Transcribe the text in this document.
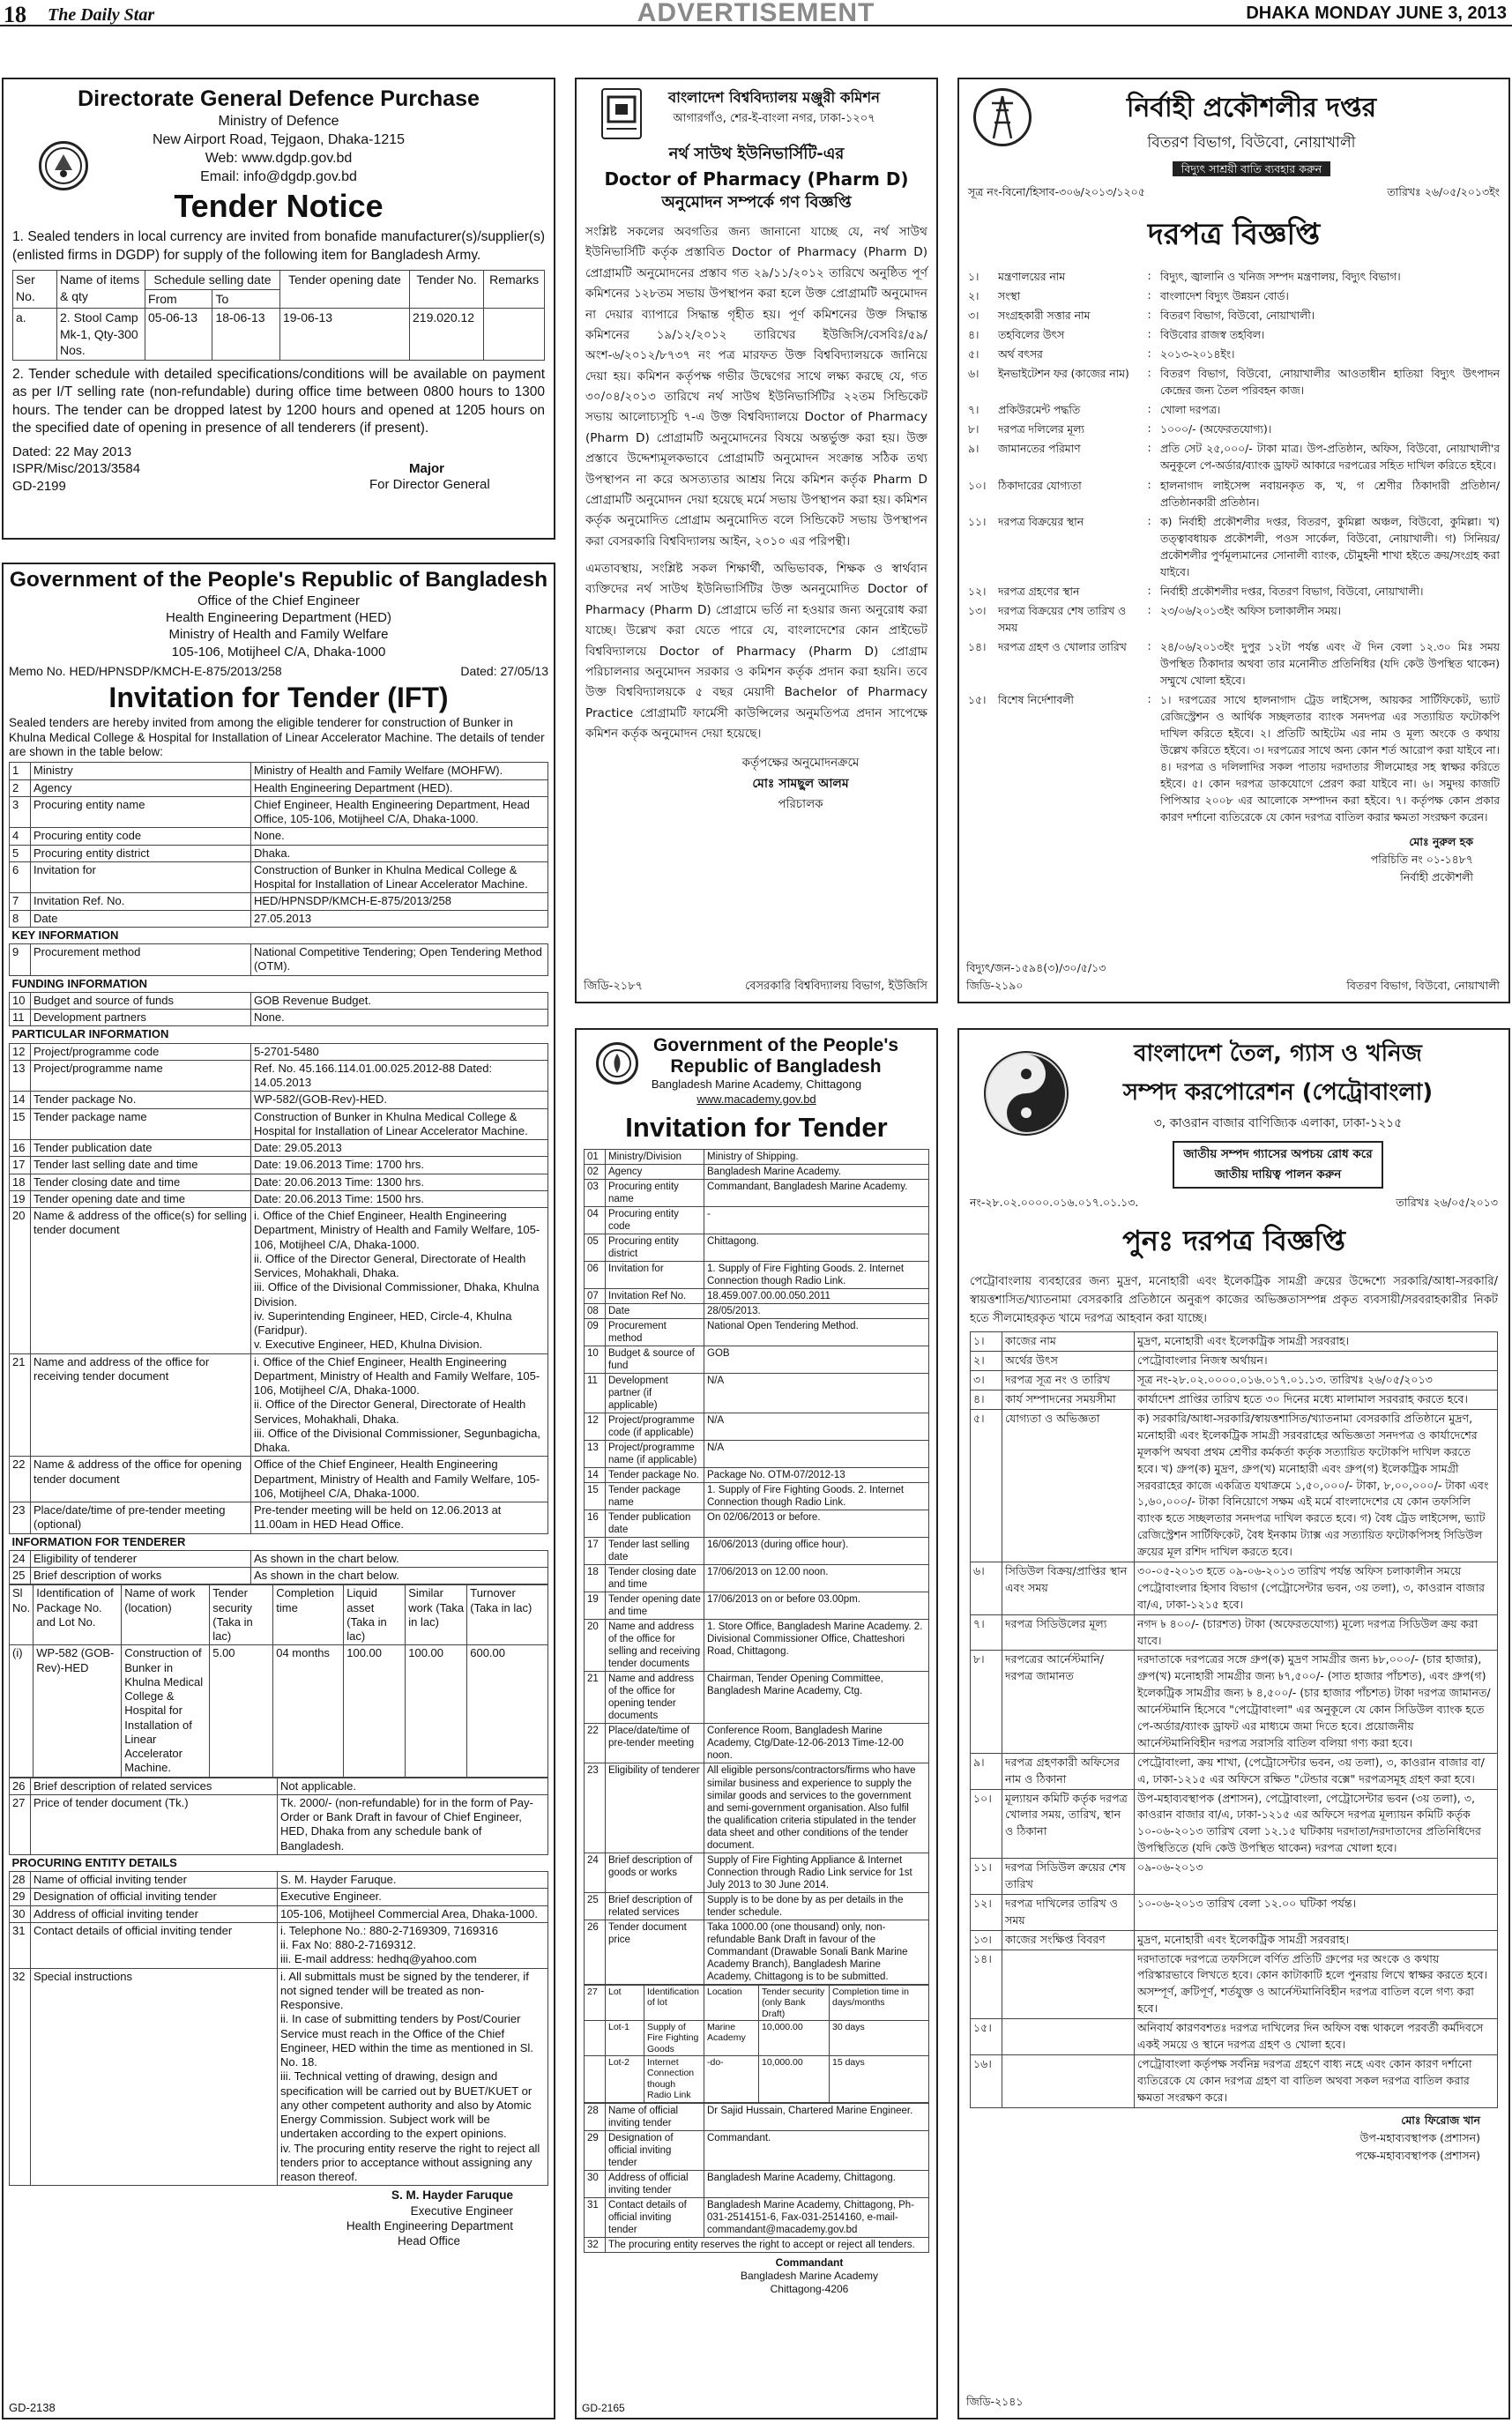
18 The Daily Star	ADVERTISEMENT	DHAKA MONDAY JUNE 3, 2013
Directorate General Defence Purchase
Ministry of Defence
New Airport Road, Tejgaon, Dhaka-1215
Web: www.dgdp.gov.bd
Email: info@dgdp.gov.bd
Tender Notice
1. Sealed tenders in local currency are invited from bonafide manufacturer(s)/supplier(s) (enlisted firms in DGDP) for supply of the following item for Bangladesh Army.
Ser No.	Name of items & qty	Schedule selling date		Tender opening date	Tender No.	Remarks
		From	To			
a.	2. Stool Camp Mk-1, Qty-300 Nos.	05-06-13	18-06-13	19-06-13	219.020.12	
2. Tender schedule with detailed specifications/conditions will be available on payment as per I/T selling rate (non-refundable) during office time between 0800 hours to 1300 hours. The tender can be dropped latest by 1200 hours and opened at 1205 hours on the specified date of opening in presence of all tenderers (if present).
Dated: 22 May 2013
ISPR/Misc/2013/3584
GD-2199
Major
For Director General
Government of the People's Republic of Bangladesh
Office of the Chief Engineer
Health Engineering Department (HED)
Ministry of Health and Family Welfare
105-106, Motijheel C/A, Dhaka-1000
Memo No. HED/HPNSDP/KMCH-E-875/2013/258	Dated: 27/05/13
Invitation for Tender (IFT)
Sealed tenders are hereby invited from among the eligible tenderer for construction of Bunker in Khulna Medical College & Hospital for Installation of Linear Accelerator Machine. The details of tender are shown in the table below:
1	Ministry	Ministry of Health and Family Welfare (MOHFW).
2	Agency	Health Engineering Department (HED).
3	Procuring entity name	Chief Engineer, Health Engineering Department, Head Office, 105-106, Motijheel C/A, Dhaka-1000.
4	Procuring entity code	None.
5	Procuring entity district	Dhaka.
6	Invitation for	Construction of Bunker in Khulna Medical College & Hospital for Installation of Linear Accelerator Machine.
7	Invitation Ref. No.	HED/HPNSDP/KMCH-E-875/2013/258
8	Date	27.05.2013
KEY INFORMATION		
9	Procurement method	National Competitive Tendering; Open Tendering Method (OTM).
FUNDING INFORMATION		
10	Budget and source of funds	GOB Revenue Budget.
11	Development partners	None.
PARTICULAR INFORMATION		
12	Project/programme code	5-2701-5480
13	Project/programme name	Ref. No. 45.166.114.01.00.025.2012-88 Dated: 14.05.2013
14	Tender package No.	WP-582/(GOB-Rev)-HED.
15	Tender package name	Construction of Bunker in Khulna Medical College & Hospital for Installation of Linear Accelerator Machine.
16	Tender publication date	Date: 29.05.2013
17	Tender last selling date and time	Date: 19.06.2013 Time: 1700 hrs.
18	Tender closing date and time	Date: 20.06.2013 Time: 1300 hrs.
19	Tender opening date and time	Date: 20.06.2013 Time: 1500 hrs.
20	Name & address of the office(s) for selling tender document	i. Office of the Chief Engineer, Health Engineering Department, Ministry of Health and Family Welfare, 105-106, Motijheel C/A, Dhaka-1000.
ii. Office of the Director General, Directorate of Health Services, Mohakhali, Dhaka.
iii. Office of the Divisional Commissioner, Dhaka, Khulna Division.
iv. Superintending Engineer, HED, Circle-4, Khulna (Faridpur).
v. Executive Engineer, HED, Khulna Division.

21	Name and address of the office for receiving tender document	i. Office of the Chief Engineer, Health Engineering Department, Ministry of Health and Family Welfare, 105-106, Motijheel C/A, Dhaka-1000.
ii. Office of the Director General, Directorate of Health Services, Mohakhali, Dhaka.
iii. Office of the Divisional Commissioner, Segunbagicha, Dhaka.

22	Name & address of the office for opening tender document	Office of the Chief Engineer, Health Engineering Department, Ministry of Health and Family Welfare, 105-106, Motijheel C/A, Dhaka-1000.
23	Place/date/time of pre-tender meeting (optional)	Pre-tender meeting will be held on 12.06.2013 at 11.00am in HED Head Office.
INFORMATION FOR TENDERER		
24	Eligibility of tenderer	As shown in the chart below.
25	Brief description of works	As shown in the chart below.
Sl No.	Identification of Package No. and Lot No.	Name of work (location)	Tender security (Taka in lac)	Completion time	Liquid asset (Taka in lac)	Similar work (Taka in lac)	Turnover (Taka in lac)
(i)	WP-582 (GOB-Rev)-HED	Construction of Bunker in Khulna Medical College & Hospital for Installation of Linear Accelerator Machine.	5.00	04 months	100.00	100.00	600.00
26	Brief description of related services	Not applicable.
27	Price of tender document (Tk.)	Tk. 2000/- (non-refundable) for in the form of Pay-Order or Bank Draft in favour of Chief Engineer, HED, Dhaka from any schedule bank of Bangladesh.
PROCURING ENTITY DETAILS		
28	Name of official inviting tender	S. M. Hayder Faruque.
29	Designation of official inviting tender	Executive Engineer.
30	Address of official inviting tender	105-106, Motijheel Commercial Area, Dhaka-1000.
31	Contact details of official inviting tender	i. Telephone No.: 880-2-7169309, 7169316
ii. Fax No: 880-2-7169312.
iii. E-mail address: hedhq@yahoo.com

32	Special instructions	i. All submittals must be signed by the tenderer, if not signed tender will be treated as non-Responsive.
ii. In case of submitting tenders by Post/Courier Service must reach in the Office of the Chief Engineer, HED within the time as mentioned in Sl. No. 18.
iii. Technical vetting of drawing, design and specification will be carried out by BUET/KUET or any other competent authority and also by Atomic Energy Commission. Subject work will be undertaken according to the expert opinions.
iv. The procuring entity reserve the right to reject all tenders prior to acceptance without assigning any reason thereof.
S. M. Hayder Faruque
Executive Engineer
Health Engineering Department
Head Office
GD-2138
বাংলাদেশ বিশ্ববিদ্যালয় মঞ্জুরী কমিশন
আগারগাঁও, শের-ই-বাংলা নগর, ঢাকা-১২০৭
নর্থ সাউথ ইউনিভার্সিটি-এর
Doctor of Pharmacy (Pharm D)
অনুমোদন সম্পর্কে গণ বিজ্ঞপ্তি
সংশ্লিষ্ট সকলের অবগতির জন্য জানানো যাচ্ছে যে, নর্থ সাউথ ইউনিভার্সিটি কর্তৃক প্রস্তাবিত Doctor of Pharmacy (Pharm D) প্রোগ্রামটি অনুমোদনের প্রস্তাব গত ২৯/১১/২০১২ তারিখে অনুষ্ঠিত পূর্ণ কমিশনের ১২৮তম সভায় উপস্থাপন করা হলে উক্ত প্রোগ্রামটি অনুমোদন না দেয়ার ব্যাপারে সিদ্ধান্ত গৃহীত হয়। পূর্ণ কমিশনের উক্ত সিদ্ধান্ত কমিশনের ১৯/১২/২০১২ তারিখের ইউজিসি/বেসবিঃ/৫৯/অংশ-৬/২০১২/৮৭৩৭ নং পত্র মারফত উক্ত বিশ্ববিদ্যালয়কে জানিয়ে দেয়া হয়। কমিশন কর্তৃপক্ষ গভীর উদ্বেগের সাথে লক্ষ্য করছে যে, গত ৩০/০৪/২০১৩ তারিখে নর্থ সাউথ ইউনিভার্সিটির ২২তম সিন্ডিকেট সভায় আলোচ্যসূচি ৭-এ উক্ত বিশ্ববিদ্যালয়ে Doctor of Pharmacy (Pharm D) প্রোগ্রামটি অনুমোদনের বিষয়ে অন্তর্ভুক্ত করা হয়। উক্ত প্রস্তাবে উদ্দেশ্যমূলকভাবে প্রোগ্রামটি অনুমোদন সংক্রান্ত সঠিক তথ্য উপস্থাপন না করে অসত্যতার আশ্রয় নিয়ে কমিশন কর্তৃক Pharm D প্রোগ্রামটি অনুমোদন দেয়া হয়েছে মর্মে সভায় উপস্থাপন করা হয়। কমিশন কর্তৃক অনুমোদিত প্রোগ্রাম অনুমোদিত বলে সিন্ডিকেট সভায় উপস্থাপন করা বেসরকারি বিশ্ববিদ্যালয় আইন, ২০১০ এর পরিপন্থী।
এমতাবস্থায়, সংশ্লিষ্ট সকল শিক্ষার্থী, অভিভাবক, শিক্ষক ও স্বার্থবান ব্যক্তিদের নর্থ সাউথ ইউনিভার্সিটির উক্ত অননুমোদিত Doctor of Pharmacy (Pharm D) প্রোগ্রামে ভর্তি না হওয়ার জন্য অনুরোধ করা যাচ্ছে। উল্লেখ করা যেতে পারে যে, বাংলাদেশের কোন প্রাইভেট বিশ্ববিদ্যালয়ে Doctor of Pharmacy (Pharm D) প্রোগ্রাম পরিচালনার অনুমোদন সরকার ও কমিশন কর্তৃক প্রদান করা হয়নি। তবে উক্ত বিশ্ববিদ্যালয়কে ৫ বছর মেয়াদী Bachelor of Pharmacy Practice প্রোগ্রামটি ফার্মেসী কাউন্সিলের অনুমতিপত্র প্রদান সাপেক্ষে কমিশন কর্তৃক অনুমোদন দেয়া হয়েছে।
কর্তৃপক্ষের অনুমোদনক্রমে
মোঃ সামছুল আলম
পরিচালক
জিডি-২১৮৭	বেসরকারি বিশ্ববিদ্যালয় বিভাগ, ইউজিসি
নির্বাহী প্রকৌশলীর দপ্তর
বিতরণ বিভাগ, বিউবো, নোয়াখালী
বিদ্যুৎ সাশ্রয়ী বাতি ব্যবহার করুন
সূত্র নং-বিনো/হিসাব-৩০৬/২০১৩/১২০৫	তারিখঃ ২৬/০৫/২০১৩ইং
দরপত্র বিজ্ঞপ্তি
১।	মন্ত্রণালয়ের নাম	∶ বিদ্যুৎ, জ্বালানি ও খনিজ সম্পদ মন্ত্রণালয়, বিদ্যুৎ বিভাগ।
২।	সংস্থা	∶ বাংলাদেশ বিদ্যুৎ উন্নয়ন বোর্ড।
৩।	সংগ্রহকারী সত্তার নাম	∶ বিতরণ বিভাগ, বিউবো, নোয়াখালী।
৪।	তহবিলের উৎস	∶ বিউবোর রাজস্ব তহবিল।
৫।	অর্থ বৎসর	∶ ২০১৩-২০১৪ইং।
৬।	ইনভাইটেশন ফর (কাজের নাম)	∶ বিতরণ বিভাগ, বিউবো, নোয়াখালীর আওতাধীন হাতিয়া বিদ্যুৎ উৎপাদন কেন্দ্রের জন্য তৈল পরিবহন কাজ।
৭।	প্রকিউরমেন্ট পদ্ধতি	∶ খোলা দরপত্র।
৮।	দরপত্র দলিলের মূল্য	∶ ১০০০/- (অফেরতযোগ্য)।
৯।	জামানতের পরিমাণ	∶ প্রতি সেট ২৫,০০০/- টাকা মাত্র। উপ-প্রতিষ্ঠান, অফিস, বিউবো, নোয়াখালী'র অনুকূলে পে-অর্ডার/ব্যাংক ড্রাফট আকারে দরপত্রের সহিত দাখিল করিতে হইবে।
১০।	ঠিকাদারের যোগ্যতা	∶ হালনাগাদ লাইসেন্স নবায়নকৃত ক, খ, গ শ্রেণীর ঠিকাদারী প্রতিষ্ঠান/প্রতিষ্ঠানকারী প্রতিষ্ঠান।
১১।	দরপত্র বিক্রয়ের স্থান	∶ ক) নির্বাহী প্রকৌশলীর দপ্তর, বিতরণ, কুমিল্লা অঞ্চল, বিউবো, কুমিল্লা। খ) তত্ত্বাবধায়ক প্রকৌশলী, পওস সার্কেল, বিউবো, নোয়াখালী। গ) সিনিয়র/প্রকৌশলীর পুর্ণমূল্যমানের সোনালী ব্যাংক, চৌমুহনী শাখা হইতে ক্রয়/সংগ্রহ করা যাইবে।
১২।	দরপত্র গ্রহণের স্থান	∶ নির্বাহী প্রকৌশলীর দপ্তর, বিতরণ বিভাগ, বিউবো, নোয়াখালী।
১৩।	দরপত্র বিক্রয়ের শেষ তারিখ ও সময়
∶ ২৩/০৬/২০১৩ইং অফিস চলাকালীন সময়।
১৪।	দরপত্র গ্রহণ ও খোলার তারিখ	∶ ২৪/০৬/২০১৩ইং দুপুর ১২টা পর্যন্ত এবং ঐ দিন বেলা ১২.৩০ মিঃ সময় উপস্থিত ঠিকাদার অথবা তার মনোনীত প্রতিনিধির (যদি কেউ উপস্থিত থাকেন) সম্মুখে খোলা হইবে।
১৫।	বিশেষ নির্দেশাবলী	∶ ১। দরপত্রের সাথে হালনাগাদ ট্রেড লাইসেন্স, আয়কর সার্টিফিকেট, ভ্যাট রেজিস্ট্রেশন ও আর্থিক সচ্ছলতার ব্যাংক সনদপত্র এর সত্যায়িত ফটোকপি দাখিল করিতে হইবে। ২। প্রতিটি আইটেম এর নাম ও মূল্য অংকে ও কথায় উল্লেখ করিতে হইবে। ৩। দরপত্রের সাথে অন্য কোন শর্ত আরোপ করা যাইবে না। ৪। দরপত্র ও দলিলাদির সকল পাতায় দরদাতার সীলমোহর সহ স্বাক্ষর করিতে হইবে। ৫। কোন দরপত্র ডাকযোগে প্রেরণ করা যাইবে না। ৬। সমুদয় কাজটি পিপিআর ২০০৮ এর আলোকে সম্পাদন করা হইবে। ৭। কর্তৃপক্ষ কোন প্রকার কারণ দর্শানো ব্যতিরেকে যে কোন দরপত্র বাতিল করার ক্ষমতা সংরক্ষণ করেন।
মোঃ নুরুল হক
পরিচিতি নং ০১-১৪৮৭
নির্বাহী প্রকৌশলী
বিদ্যুৎ/জন-১৫৯৪(৩)/৩০/৫/১৩
জিডি-২১৯০	বিতরণ বিভাগ, বিউবো, নোয়াখালী
Government of the People's Republic of Bangladesh
Bangladesh Marine Academy, Chittagong
www.macademy.gov.bd
Invitation for Tender
01	Ministry/Division	Ministry of Shipping.
02	Agency	Bangladesh Marine Academy.
03	Procuring entity name	Commandant, Bangladesh Marine Academy.
04	Procuring entity code	-
05	Procuring entity district	Chittagong.
06	Invitation for	1. Supply of Fire Fighting Goods. 2. Internet Connection though Radio Link.
07	Invitation Ref No.	18.459.007.00.00.050.2011
08	Date	28/05/2013.
09	Procurement method	National Open Tendering Method.
10	Budget & source of fund	GOB
11	Development partner (if applicable)	N/A
12	Project/programme code (if applicable)	N/A
13	Project/programme name (if applicable)	N/A
14	Tender package No.	Package No. OTM-07/2012-13
15	Tender package name	1. Supply of Fire Fighting Goods. 2. Internet Connection though Radio Link.
16	Tender publication date	On 02/06/2013 or before.
17	Tender last selling date	16/06/2013 (during office hour).
18	Tender closing date and time	17/06/2013 on 12.00 noon.
19	Tender opening date and time	17/06/2013 on or before 03.00pm.
20	Name and address of the office for selling and receiving tender documents	1. Store Office, Bangladesh Marine Academy. 2. Divisional Commissioner Office, Chatteshori Road, Chittagong.
21	Name and address of the office for opening tender documents	Chairman, Tender Opening Committee, Bangladesh Marine Academy, Ctg.
22	Place/date/time of pre-tender meeting	Conference Room, Bangladesh Marine Academy, Ctg/Date-12-06-2013 Time-12-00 noon.
23	Eligibility of tenderer	All eligible persons/contractors/firms who have similar business and experience to supply the similar goods and services to the government and semi-government organisation. Also fulfil the qualification criteria stipulated in the tender data sheet and other conditions of the tender document.
24	Brief description of goods or works	Supply of Fire Fighting Appliance & Internet Connection through Radio Link service for 1st July 2013 to 30 June 2014.
25	Brief description of related services	Supply is to be done by as per details in the tender schedule.
26	Tender document price	Taka 1000.00 (one thousand) only, non-refundable Bank Draft in favour of the Commandant (Drawable Sonali Bank Marine Academy Branch), Bangladesh Marine Academy, Chittagong is to be submitted.
27	Lot	Identification of lot	Location	Tender security (only Bank Draft)	Completion time in days/months
	Lot-1	Supply of Fire Fighting Goods	Marine Academy	10,000.00	30 days
	Lot-2	Internet Connection though Radio Link	-do-	10,000.00	15 days
28	Name of official inviting tender	Dr Sajid Hussain, Chartered Marine Engineer.
29	Designation of official inviting tender	Commandant.
30	Address of official inviting tender	Bangladesh Marine Academy, Chittagong.
31	Contact details of official inviting tender	Bangladesh Marine Academy, Chittagong, Ph-031-2514151-6, Fax-031-2514160, e-mail-commandant@macademy.gov.bd
32	The procuring entity reserves the right to accept or reject all tenders.	
Commandant
Bangladesh Marine Academy
Chittagong-4206
GD-2165
বাংলাদেশ তৈল, গ্যাস ও খনিজ
সম্পদ করপোরেশন (পেট্রোবাংলা)
৩, কাওরান বাজার বাণিজ্যিক এলাকা, ঢাকা-১২১৫
জাতীয় সম্পদ গ্যাসের অপচয় রোধ করে
জাতীয় দায়িত্ব পালন করুন
নং-২৮.০২.০০০০.০১৬.০১৭.০১.১৩.	তারিখঃ ২৬/০৫/২০১৩
পুনঃ দরপত্র বিজ্ঞপ্তি
পেট্রোবাংলায় ব্যবহারের জন্য মুদ্রণ, মনোহারী এবং ইলেকট্রিক সামগ্রী ক্রয়ের উদ্দেশ্যে সরকারি/আধা-সরকারি/স্বায়ত্তশাসিত/খ্যাতনামা বেসরকারি প্রতিষ্ঠানে অনুরূপ কাজের অভিজ্ঞতাসম্পন্ন প্রকৃত ব্যবসায়ী/সরবরাহকারীর নিকট হতে সীলমোহরকৃত খামে দরপত্র আহবান করা যাচ্ছে।
১।	কাজের নাম	মুদ্রণ, মনোহারী এবং ইলেকট্রিক সামগ্রী সরবরাহ।
২।	অর্থের উৎস	পেট্রোবাংলার নিজস্ব অর্থায়ন।
৩।	দরপত্র সূত্র নং ও তারিখ	সূত্র নং-২৮.০২.০০০০.০১৬.০১৭.০১.১৩. তারিখঃ ২৬/০৫/২০১৩
৪।	কার্য সম্পাদনের সময়সীমা	কার্যাদেশ প্রাপ্তির তারিখ হতে ৩০ দিনের মধ্যে মালামাল সরবরাহ করতে হবে।
৫।	যোগ্যতা ও অভিজ্ঞতা	ক) সরকারি/আধা-সরকারি/স্বায়ত্তশাসিত/খ্যাতনামা বেসরকারি প্রতিষ্ঠানে মুদ্রণ, মনোহারী এবং ইলেকট্রিক সামগ্রী সরবরাহের অভিজ্ঞতা সনদপত্র ও কার্যাদেশের মূলকপি অথবা প্রথম শ্রেণীর কর্মকর্তা কর্তৃক সত্যায়িত ফটোকপি দাখিল করতে হবে। খ) গ্রুপ(ক) মুদ্রণ, গ্রুপ(খ) মনোহারী এবং গ্রুপ(গ) ইলেকট্রিক সামগ্রী সরবরাহের কাজে একত্রিত যথাক্রমে ১,৫০,০০০/- টাকা, ৮,০০,০০০/- টাকা এবং ১,৬০,০০০/- টাকা বিনিয়োগে সক্ষম এই মর্মে বাংলাদেশের যে কোন তফসিলি ব্যাংক হতে সচ্ছলতার সনদপত্র দাখিল করতে হবে। গ) বৈধ ট্রেড লাইসেন্স, ভ্যাট রেজিস্ট্রেশন সার্টিফিকেট, বৈধ ইনকাম ট্যাক্স এর সত্যায়িত ফটোকপিসহ সিডিউল ক্রয়ের মূল রশিদ দাখিল করতে হবে।
৬।	সিডিউল বিক্রয়/প্রাপ্তির স্থান এবং সময়	৩০-০৫-২০১৩ হতে ০৯-০৬-২০১৩ তারিখ পর্যন্ত অফিস চলাকালীন সময়ে পেট্রোবাংলার হিসাব বিভাগ (পেট্রোসেন্টার ভবন, ৩য় তলা), ৩, কাওরান বাজার বা/এ, ঢাকা-১২১৫ হবে।
৭।	দরপত্র সিডিউলের মূল্য	নগদ ৳ ৪০০/- (চারশত) টাকা (অফেরতযোগ্য) মূল্যে দরপত্র সিডিউল ক্রয় করা যাবে।
৮।	দরপত্রের আর্নেস্টমানি/দরপত্র জামানত	দরদাতাকে দরপত্রের সঙ্গে গ্রুপ(ক) মুদ্রণ সামগ্রীর জন্য ৳৮,০০০/- (চার হাজার), গ্রুপ(খ) মনোহারী সামগ্রীর জন্য ৳৭,৫০০/- (সাত হাজার পাঁচশত), এবং গ্রুপ(গ) ইলেকট্রিক সামগ্রীর জন্য ৳ ৪,৫০০/- (চার হাজার পাঁচশত) টাকা দরপত্র জামানত/আর্নেস্টমানি হিসেবে "পেট্রোবাংলা" এর অনুকূলে যে কোন সিডিউল ব্যাংক হতে পে-অর্ডার/ব্যাংক ড্রাফট এর মাধ্যমে জমা দিতে হবে। প্রয়োজনীয় আর্নেস্টমানিবিহীন দরপত্র সরাসরি বাতিল বলিয়া গণ্য করা হবে।
৯।	দরপত্র গ্রহণকারী অফিসের নাম ও ঠিকানা	পেট্রোবাংলা, ক্রয় শাখা, (পেট্রোসেন্টার ভবন, ৩য় তলা), ৩, কাওরান বাজার বা/এ, ঢাকা-১২১৫ এর অফিসে রক্ষিত "টেন্ডার বক্সে" দরপত্রসমূহ গ্রহণ করা হবে।
১০।	মূল্যায়ন কমিটি কর্তৃক দরপত্র খোলার সময়, তারিখ, স্থান ও ঠিকানা	উপ-মহাব্যবস্থাপক (প্রশাসন), পেট্রোবাংলা, পেট্রোসেন্টার ভবন (৩য় তলা), ৩, কাওরান বাজার বা/এ, ঢাকা-১২১৫ এর অফিসে দরপত্র মূল্যায়ন কমিটি কর্তৃক ১০-০৬-২০১৩ তারিখ বেলা ১২.১৫ ঘটিকায় দরদাতা/দরদাতাদের প্রতিনিধিদের উপস্থিতিতে (যদি কেউ উপস্থিত থাকেন) দরপত্র খোলা হবে।
১১।	দরপত্র সিডিউল ক্রয়ের শেষ তারিখ	০৯-০৬-২০১৩
১২।	দরপত্র দাখিলের তারিখ ও সময়	১০-০৬-২০১৩ তারিখ বেলা ১২.০০ ঘটিকা পর্যন্ত।
১৩।	কাজের সংক্ষিপ্ত বিবরণ	মুদ্রণ, মনোহারী এবং ইলেকট্রিক সামগ্রী সরবরাহ।
১৪।		দরদাতাকে দরপত্রে তফসিলে বর্ণিত প্রতিটি গ্রুপের দর অংকে ও কথায় পরিস্কারভাবে লিখতে হবে। কোন কাটাকাটি হলে পুনরায় লিখে স্বাক্ষর করতে হবে। অসম্পূর্ণ, ক্রটিপূর্ণ, শর্তযুক্ত ও আর্নেস্টমানিবিহীন দরপত্র বাতিল বলে গণ্য করা হবে।
১৫।		অনিবার্য কারণবশতঃ দরপত্র দাখিলের দিন অফিস বন্ধ থাকলে পরবর্তী কর্মদিবসে একই সময়ে ও স্থানে দরপত্র গ্রহণ ও খোলা হবে।
১৬।		পেট্রোবাংলা কর্তৃপক্ষ সর্বনিম্ন দরপত্র গ্রহণে বাধ্য নহে এবং কোন কারণ দর্শানো ব্যতিরেকে যে কোন দরপত্র গ্রহণ বা বাতিল অথবা সকল দরপত্র বাতিল করার ক্ষমতা সংরক্ষণ করে।
মোঃ ফিরোজ খান
উপ-মহাব্যবস্থাপক (প্রশাসন)
পক্ষে-মহাব্যবস্থাপক (প্রশাসন)
জিডি-২১৪১
